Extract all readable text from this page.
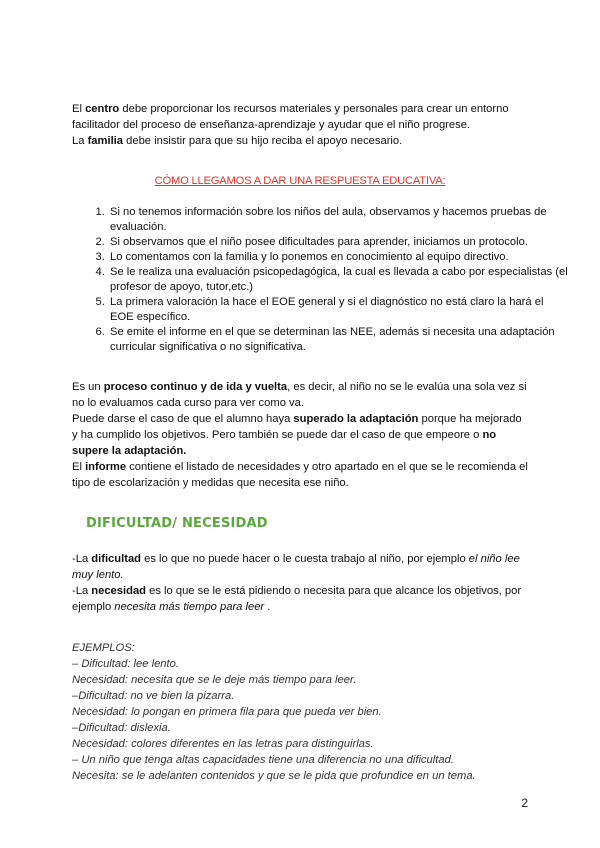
El centro debe proporcionar los recursos materiales y personales para crear un entorno facilitador del proceso de enseñanza-aprendizaje y ayudar que el niño progrese.
La familia debe insistir para que su hijo reciba el apoyo necesario.

CÓMO LLEGAMOS A DAR UNA RESPUESTA EDUCATIVA:
1. Si no tenemos información sobre los niños del aula, observamos y hacemos pruebas de evaluación.
2. Si observamos que el niño posee dificultades para aprender, iniciamos un protocolo.
3. Lo comentamos con la familia y lo ponemos en conocimiento al equipo directivo.
4. Se le realiza una evaluación psicopedagógica, la cual es llevada a cabo por especialistas (el profesor de apoyo, tutor,etc.)
5. La primera valoración la hace el EOE general y si el diagnóstico no está claro la hará el EOE específico.
6. Se emite el informe en el que se determinan las NEE, además si necesita una adaptación curricular significativa o no significativa.

Es un proceso continuo y de ida y vuelta, es decir, al niño no se le evalúa una sola vez si no lo evaluamos cada curso para ver como va.
Puede darse el caso de que el alumno haya superado la adaptación porque ha mejorado y ha cumplido los objetivos. Pero también se puede dar el caso de que empeore o no supere la adaptación.
El informe contiene el listado de necesidades y otro apartado en el que se le recomienda el tipo de escolarización y medidas que necesita ese niño.

DIFICULTAD/ NECESIDAD

-La dificultad es lo que no puede hacer o le cuesta trabajo al niño, por ejemplo el niño lee muy lento.
-La necesidad es lo que se le está pidiendo o necesita para que alcance los objetivos, por ejemplo necesita más tiempo para leer .

EJEMPLOS:
– Dificultad: lee lento.
Necesidad: necesita que se le deje más tiempo para leer.
–Dificultad: no ve bien la pizarra.
Necesidad: lo pongan en primera fila para que pueda ver bien.
–Dificultad: dislexia.
Necesidad: colores diferentes en las letras para distinguirlas.
– Un niño que tenga altas capacidades tiene una diferencia no una dificultad.
Necesita: se le adelanten contenidos y que se le pida que profundice en un tema.
2
